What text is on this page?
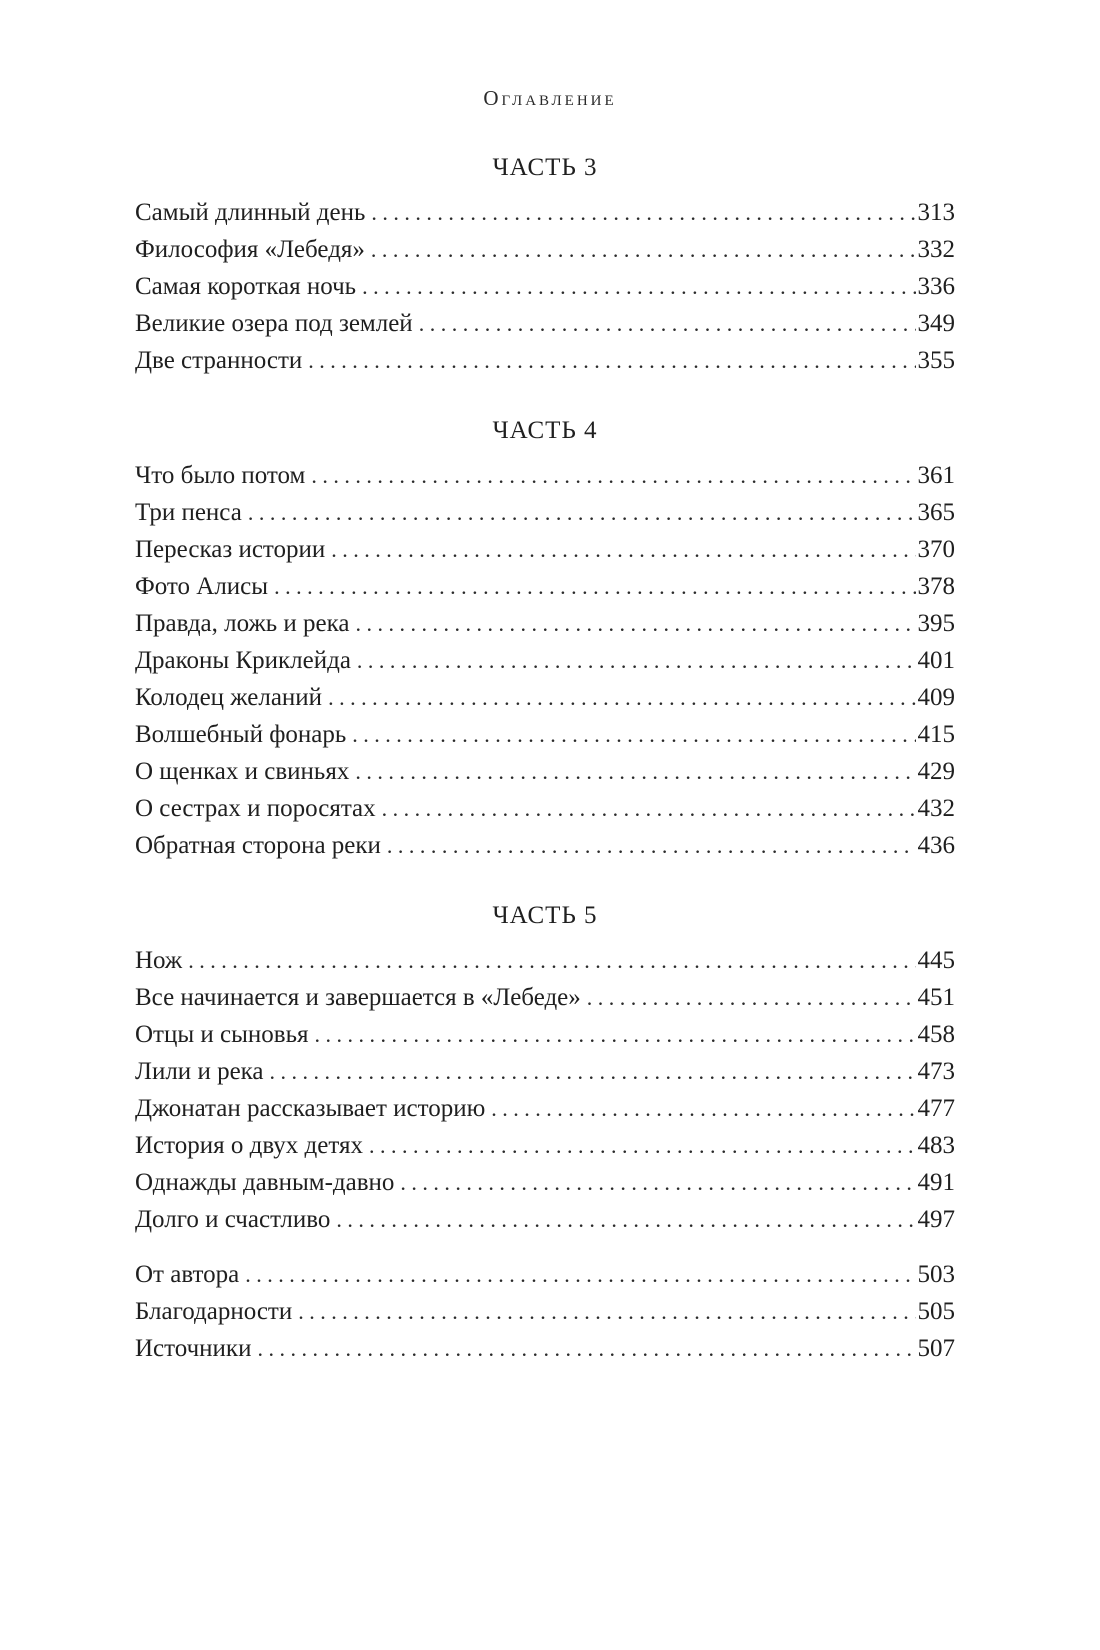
Оглавление
ЧАСТЬ 3
Самый длинный день . . .	313
Философия «Лебедя» . . .	332
Самая короткая ночь . . .	336
Великие озера под землей . . .	349
Две странности . . .	355
ЧАСТЬ 4
Что было потом . . .	361
Три пенса . . .	365
Пересказ истории . . .	370
Фото Алисы . . .	378
Правда, ложь и река . . .	395
Драконы Криклейда . . .	401
Колодец желаний . . .	409
Волшебный фонарь . . .	415
О щенках и свиньях . . .	429
О сестрах и поросятах . . .	432
Обратная сторона реки . . .	436
ЧАСТЬ 5
Нож . . .	445
Все начинается и завершается в «Лебеде» . . .	451
Отцы и сыновья . . .	458
Лили и река . . .	473
Джонатан рассказывает историю . . .	477
История о двух детях . . .	483
Однажды давным-давно . . .	491
Долго и счастливо . . .	497
От автора . . .	503
Благодарности . . .	505
Источники . . .	507
